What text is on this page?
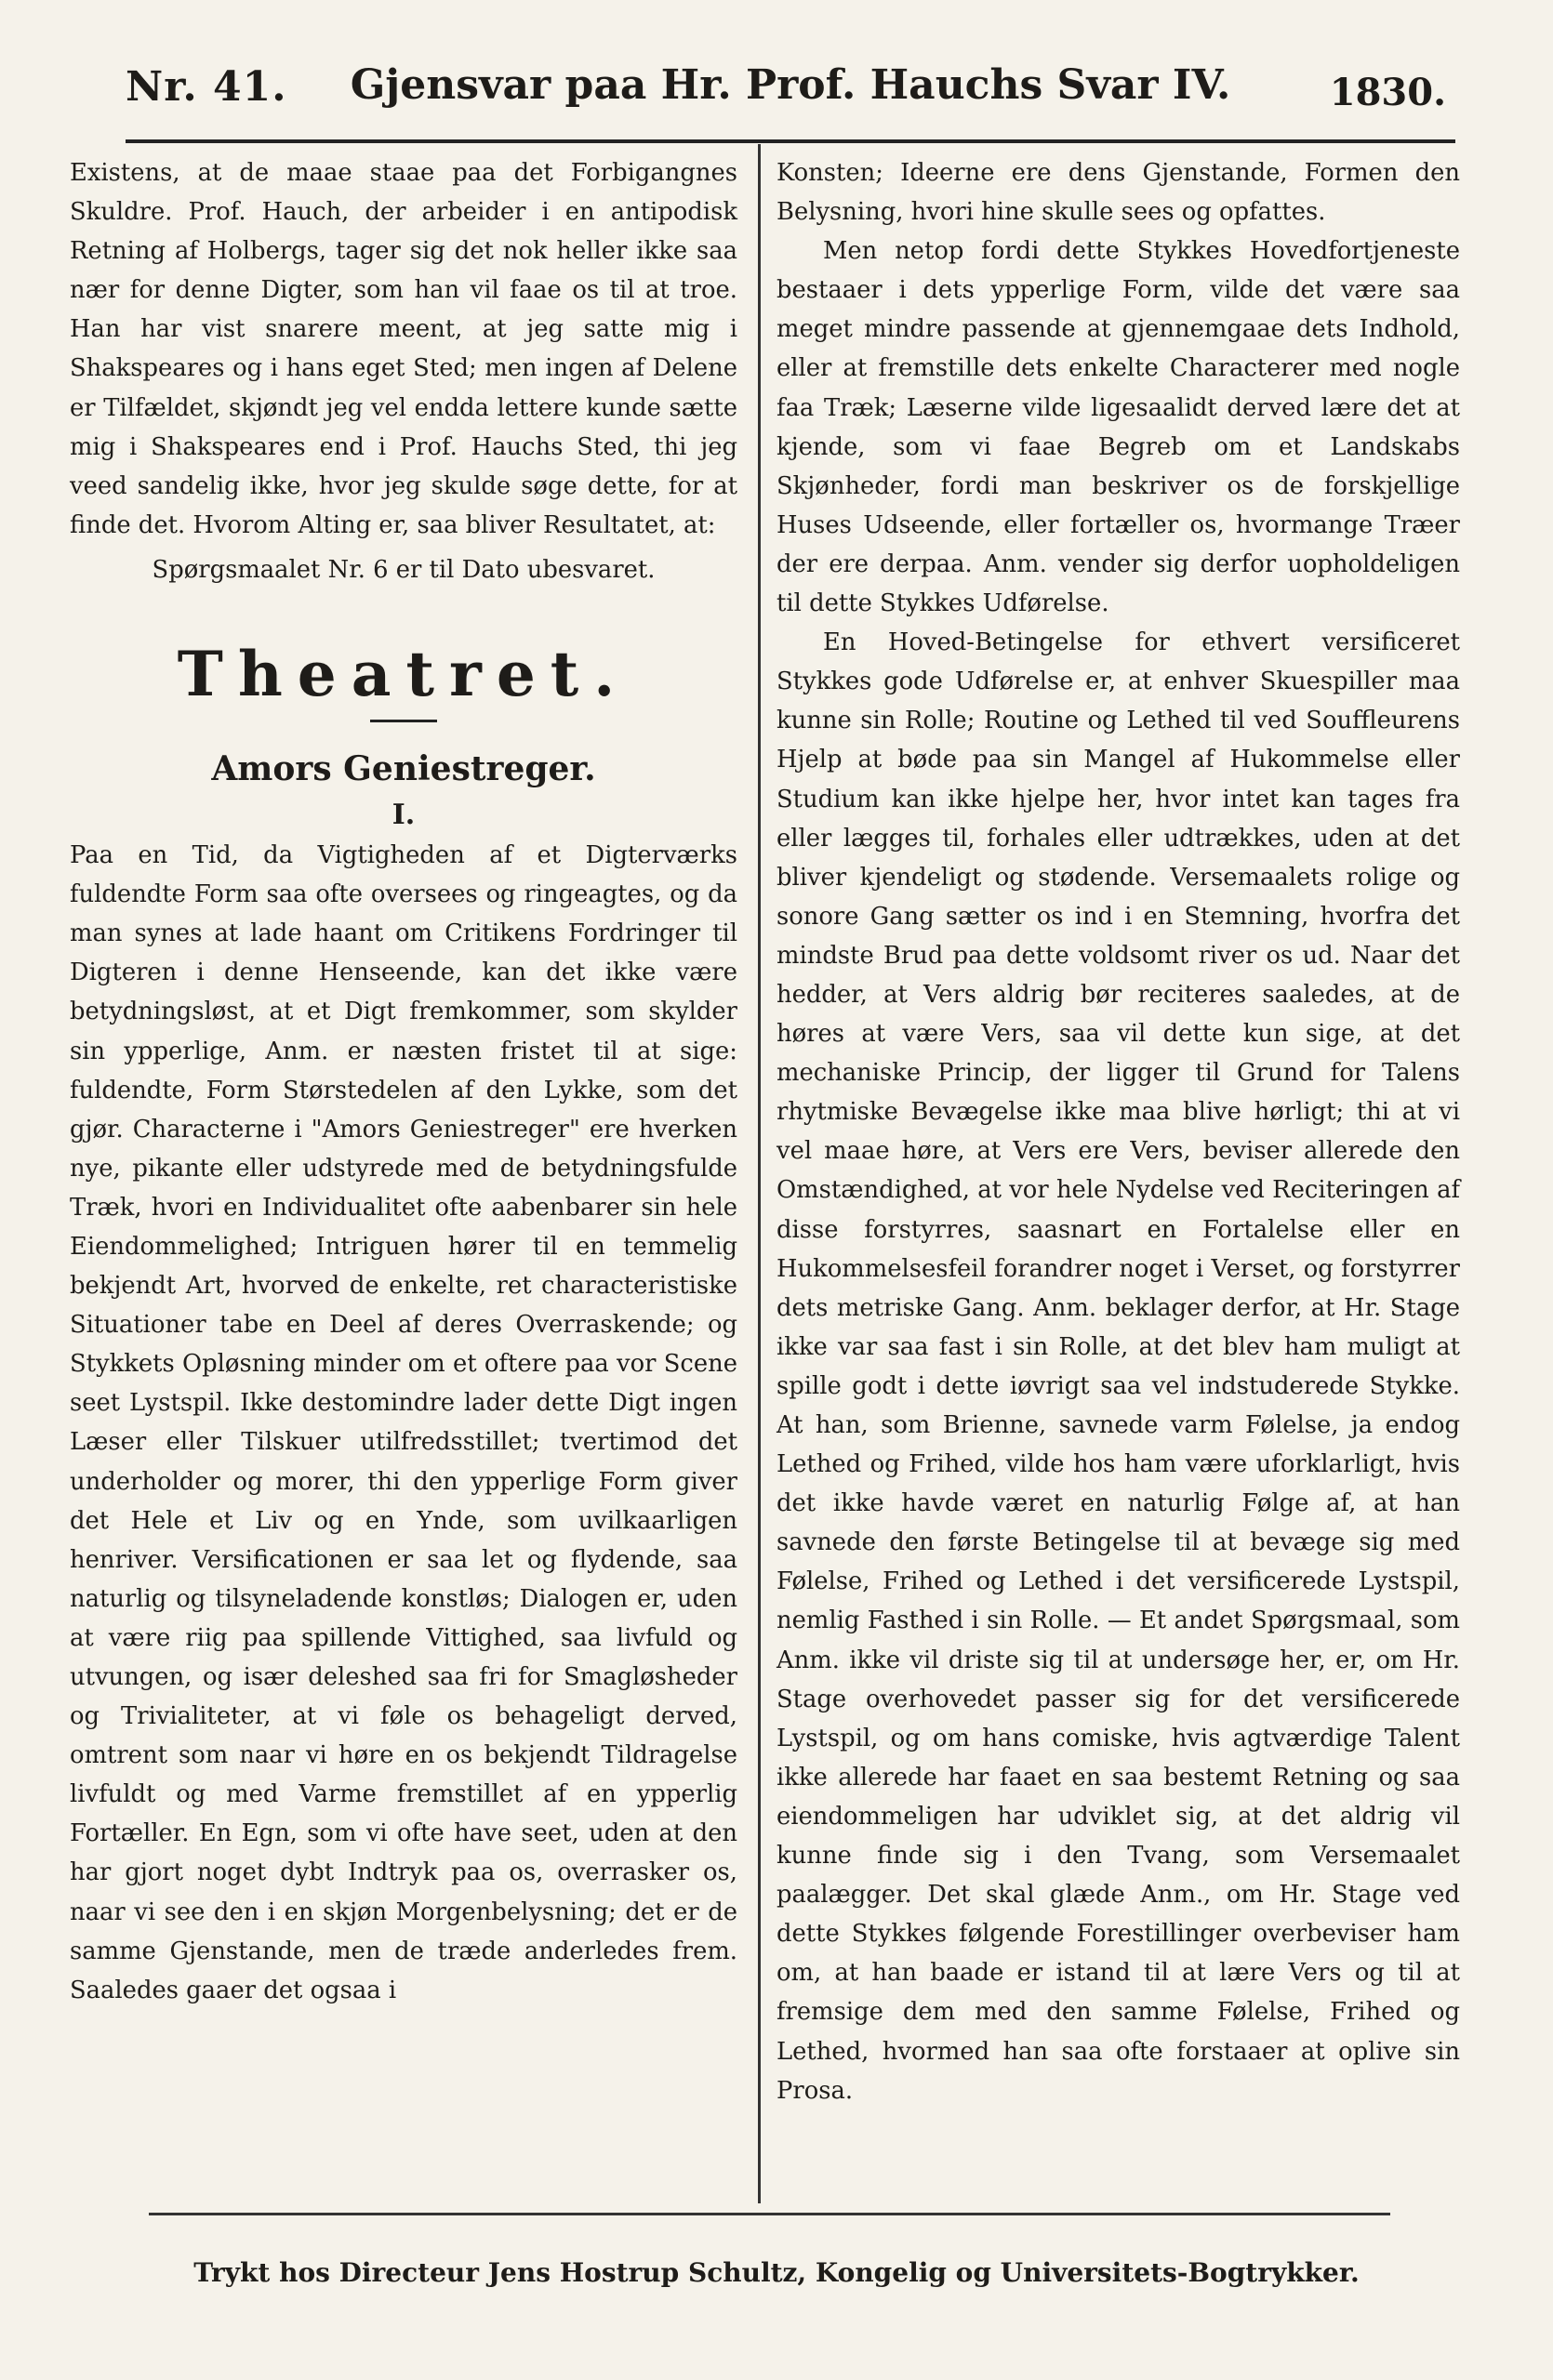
Nr. 41.	Gjensvar paa Hr. Prof. Hauchs Svar IV.	1830.

Existens, at de maae staae paa det Forbigangnes Skuldre. Prof. Hauch, der arbeider i en antipodisk Retning af Holbergs, tager sig det nok heller ikke saa nær for denne Digter, som han vil faae os til at troe. Han har vist snarere meent, at jeg satte mig i Shakspeares og i hans eget Sted; men ingen af Delene er Tilfældet, skjøndt jeg vel endda lettere kunde sætte mig i Shakspeares end i Prof. Hauchs Sted, thi jeg veed sandelig ikke, hvor jeg skulde søge dette, for at finde det. Hvorom Alting er, saa bliver Resultatet, at:

Spørgsmaalet Nr. 6 er til Dato ubesvaret.

Theatret.
Amors Geniestreger.
I.

Paa en Tid, da Vigtigheden af et Digterværks fuldendte Form saa ofte oversees og ringeagtes, og da man synes at lade haant om Critikens Fordringer til Digteren i denne Henseende, kan det ikke være betydningsløst, at et Digt fremkommer, som skylder sin ypperlige, Anm. er næsten fristet til at sige: fuldendte, Form Størstedelen af den Lykke, som det gjør. Characterne i "Amors Geniestreger" ere hverken nye, pikante eller udstyrede med de betydningsfulde Træk, hvori en Individualitet ofte aabenbarer sin hele Eiendommelighed; Intriguen hører til en temmelig bekjendt Art, hvorved de enkelte, ret characteristiske Situationer tabe en Deel af deres Overraskende; og Stykkets Opløsning minder om et oftere paa vor Scene seet Lystspil. Ikke destomindre lader dette Digt ingen Læser eller Tilskuer utilfredsstillet; tvertimod det underholder og morer, thi den ypperlige Form giver det Hele et Liv og en Ynde, som uvilkaarligen henriver. Versificationen er saa let og flydende, saa naturlig og tilsyneladende konstløs; Dialogen er, uden at være riig paa spillende Vittighed, saa livfuld og utvungen, og især deleshed saa fri for Smagløsheder og Trivialiteter, at vi føle os behageligt derved, omtrent som naar vi høre en os bekjendt Tildragelse livfuldt og med Varme fremstillet af en ypperlig Fortæller. En Egn, som vi ofte have seet, uden at den har gjort noget dybt Indtryk paa os, overrasker os, naar vi see den i en skjøn Morgenbelysning; det er de samme Gjenstande, men de træde anderledes frem. Saaledes gaaer det ogsaa i

Konsten; Ideerne ere dens Gjenstande, Formen den Belysning, hvori hine skulle sees og opfattes.

Men netop fordi dette Stykkes Hovedfortjeneste bestaaer i dets ypperlige Form, vilde det være saa meget mindre passende at gjennemgaae dets Indhold, eller at fremstille dets enkelte Characterer med nogle faa Træk; Læserne vilde ligesaalidt derved lære det at kjende, som vi faae Begreb om et Landskabs Skjønheder, fordi man beskriver os de forskjellige Huses Udseende, eller fortæller os, hvormange Træer der ere derpaa. Anm. vender sig derfor uopholdeligen til dette Stykkes Udførelse.

En Hoved-Betingelse for ethvert versificeret Stykkes gode Udførelse er, at enhver Skuespiller maa kunne sin Rolle; Routine og Lethed til ved Souffleurens Hjelp at bøde paa sin Mangel af Hukommelse eller Studium kan ikke hjelpe her, hvor intet kan tages fra eller lægges til, forhales eller udtrækkes, uden at det bliver kjendeligt og stødende. Versemaalets rolige og sonore Gang sætter os ind i en Stemning, hvorfra det mindste Brud paa dette voldsomt river os ud. Naar det hedder, at Vers aldrig bør reciteres saaledes, at de høres at være Vers, saa vil dette kun sige, at det mechaniske Princip, der ligger til Grund for Talens rhytmiske Bevægelse ikke maa blive hørligt; thi at vi vel maae høre, at Vers ere Vers, beviser allerede den Omstændighed, at vor hele Nydelse ved Reciteringen af disse forstyrres, saasnart en Fortalelse eller en Hukommelsesfeil forandrer noget i Verset, og forstyrrer dets metriske Gang. Anm. beklager derfor, at Hr. Stage ikke var saa fast i sin Rolle, at det blev ham muligt at spille godt i dette iøvrigt saa vel indstuderede Stykke. At han, som Brienne, savnede varm Følelse, ja endog Lethed og Frihed, vilde hos ham være uforklarligt, hvis det ikke havde været en naturlig Følge af, at han savnede den første Betingelse til at bevæge sig med Følelse, Frihed og Lethed i det versificerede Lystspil, nemlig Fasthed i sin Rolle. — Et andet Spørgsmaal, som Anm. ikke vil driste sig til at undersøge her, er, om Hr. Stage overhovedet passer sig for det versificerede Lystspil, og om hans comiske, hvis agtværdige Talent ikke allerede har faaet en saa bestemt Retning og saa eiendommeligen har udviklet sig, at det aldrig vil kunne finde sig i den Tvang, som Versemaalet paalægger. Det skal glæde Anm., om Hr. Stage ved dette Stykkes følgende Forestillinger overbeviser ham om, at han baade er istand til at lære Vers og til at fremsige dem med den samme Følelse, Frihed og Lethed, hvormed han saa ofte forstaaer at oplive sin Prosa.

Trykt hos Directeur Jens Hostrup Schultz, Kongelig og Universitets-Bogtrykker.
